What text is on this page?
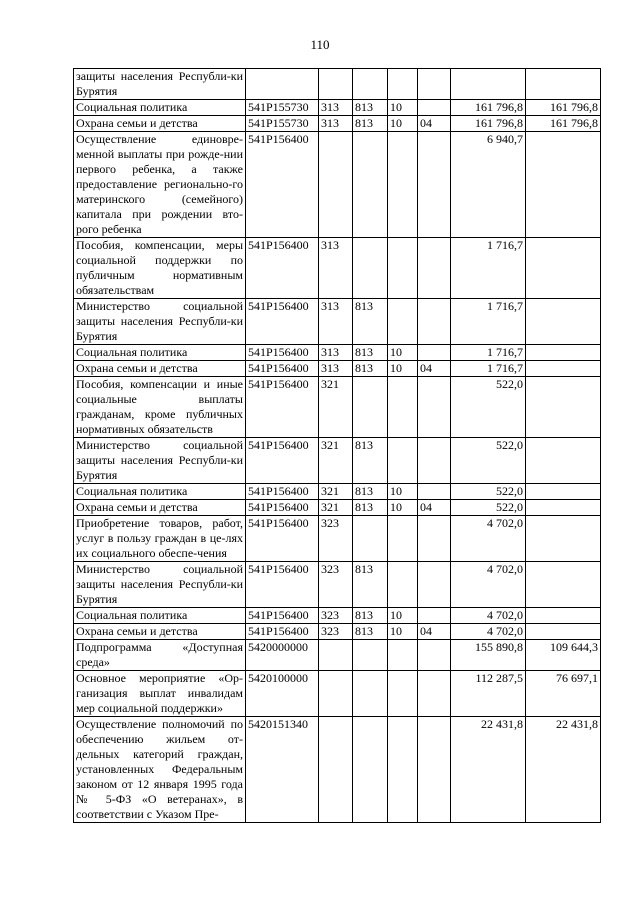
110
защиты населения Республи-ки Бурятия							
Социальная политика	541P155730	313	813	10		161 796,8	161 796,8
Охрана семьи и детства	541P155730	313	813	10	04	161 796,8	161 796,8
Осуществление единовре-менной выплаты при рожде-нии первого ребенка, а также предоставление регионально-го материнского (семейного) капитала при рождении вто-рого ребенка	541P156400					6 940,7	
Пособия, компенсации, меры социальной поддержки по публичным нормативным обязательствам	541P156400	313				1 716,7	
Министерство социальной защиты населения Республи-ки Бурятия	541P156400	313	813			1 716,7	
Социальная политика	541P156400	313	813	10		1 716,7	
Охрана семьи и детства	541P156400	313	813	10	04	1 716,7	
Пособия, компенсации и иные социальные выплаты гражданам, кроме публичных нормативных обязательств	541P156400	321				522,0	
Министерство социальной защиты населения Республи-ки Бурятия	541P156400	321	813			522,0	
Социальная политика	541P156400	321	813	10		522,0	
Охрана семьи и детства	541P156400	321	813	10	04	522,0	
Приобретение товаров, работ, услуг в пользу граждан в це-лях их социального обеспе-чения	541P156400	323				4 702,0	
Министерство социальной защиты населения Республи-ки Бурятия	541P156400	323	813			4 702,0	
Социальная политика	541P156400	323	813	10		4 702,0	
Охрана семьи и детства	541P156400	323	813	10	04	4 702,0	
Подпрограмма «Доступная среда»	5420000000					155 890,8	109 644,3
Основное мероприятие «Ор-ганизация выплат инвалидам мер социальной поддержки»	5420100000					112 287,5	76 697,1
Осуществление полномочий по обеспечению жильем от-дельных категорий граждан, установленных Федеральным законом от 12 января 1995 года № 5-ФЗ «О ветеранах», в соответствии с Указом Пре-	5420151340					22 431,8	22 431,8
